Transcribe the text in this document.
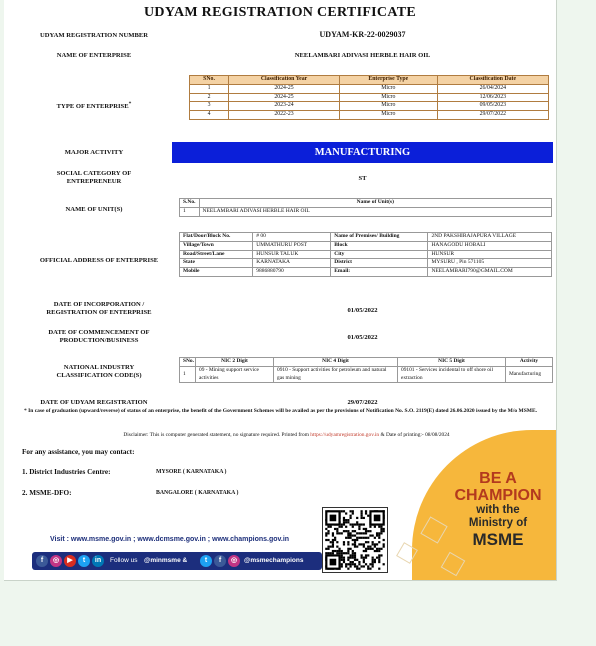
UDYAM REGISTRATION CERTIFICATE
UDYAM REGISTRATION NUMBER	UDYAM-KR-22-0029037
NAME OF ENTERPRISE	NEELAMBARI ADIVASI HERBLE HAIR OIL
TYPE OF ENTERPRISE*
SNo.	Classification Year	Enterprise Type	Classification Date
1	2024-25	Micro	26/04/2024
2	2024-25	Micro	12/06/2023
3	2023-24	Micro	09/05/2023
4	2022-23	Micro	29/07/2022
MAJOR ACTIVITY	MANUFACTURING
SOCIAL CATEGORY OF ENTREPRENEUR	ST
NAME OF UNIT(S)
S.No.	Name of Unit(s)
1	NEELAMBARI ADIVASI HERBLE HAIR OIL
OFFICIAL ADDRESS OF ENTERPRISE
Flat/Door/Block No.	# 00	Name of Premises/ Building	2ND PAKSHIRAJAPURA VILLAGE
Village/Town	UMMATHURU POST	Block	HANAGODU HOBALI
Road/Street/Lane	HUNSUR TALUK	City	HUNSUR
State	KARNATAKA	District	MYSURU , Pin 571105
Mobile	9886880790	Email:	NEELAMBARI790@GMAIL.COM
DATE OF INCORPORATION / REGISTRATION OF ENTERPRISE	01/05/2022
DATE OF COMMENCEMENT OF PRODUCTION/BUSINESS	01/05/2022
NATIONAL INDUSTRY CLASSIFICATION CODE(S)
SNo.	NIC 2 Digit	NIC 4 Digit	NIC 5 Digit	Activity
1	09 - Mining support service activities	0910 - Support activities for petroleum and natural gas mining	09101 - Services incidental to off shore oil extraction	Manufacturing
DATE OF UDYAM REGISTRATION	29/07/2022
* In case of graduation (upward/reverse) of status of an enterprise, the benefit of the Government Schemes will be availed as per the provisions of Notification No. S.O. 2119(E) dated 26.06.2020 issued by the M/o MSME.
Disclaimer: This is computer generated statement, no signature required. Printed from https://udyamregistration.gov.in & Date of printing:- 08/08/2024
For any assistance, you may contact:
1. District Industries Centre:	MYSORE ( KARNATAKA )
2. MSME-DFO:	BANGALORE ( KARNATAKA )
BE A
CHAMPION
with the
Ministry of
MSME
Visit : www.msme.gov.in ; www.dcmsme.gov.in ; www.champions.gov.in
f	◎	▶	t	in	Follow us @minmsme &	t	f	◎	@msmechampions
